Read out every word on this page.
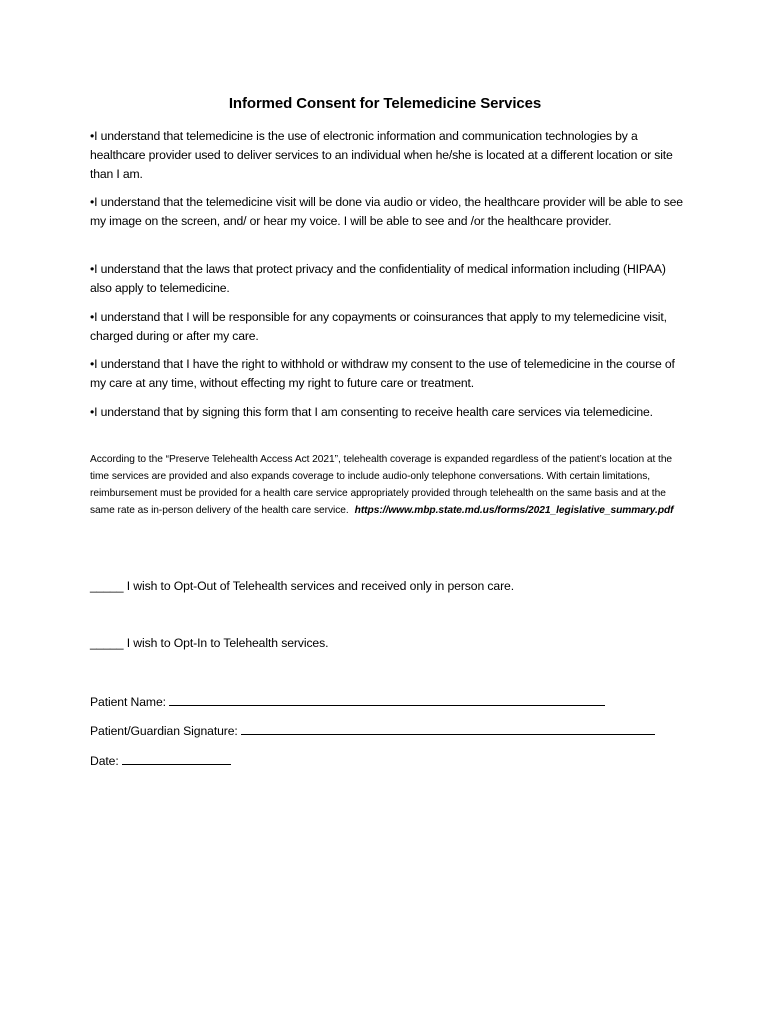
Informed Consent for Telemedicine Services

•I understand that telemedicine is the use of electronic information and communication technologies by a healthcare provider used to deliver services to an individual when he/she is located at a different location or site than I am.

•I understand that the telemedicine visit will be done via audio or video, the healthcare provider will be able to see my image on the screen, and/ or hear my voice. I will be able to see and /or the healthcare provider.

•I understand that the laws that protect privacy and the confidentiality of medical information including (HIPAA) also apply to telemedicine.

•I understand that I will be responsible for any copayments or coinsurances that apply to my telemedicine visit, charged during or after my care.

•I understand that I have the right to withhold or withdraw my consent to the use of telemedicine in the course of my care at any time, without effecting my right to future care or treatment.

•I understand that by signing this form that I am consenting to receive health care services via telemedicine.

According to the “Preserve Telehealth Access Act 2021”, telehealth coverage is expanded regardless of the patient’s location at the time services are provided and also expands coverage to include audio-only telephone conversations. With certain limitations, reimbursement must be provided for a health care service appropriately provided through telehealth on the same basis and at the same rate as in-person delivery of the health care service. https://www.mbp.state.md.us/forms/2021_legislative_summary.pdf

_____ I wish to Opt-Out of Telehealth services and received only in person care.

_____ I wish to Opt-In to Telehealth services.

Patient Name:

Patient/Guardian Signature:

Date:
